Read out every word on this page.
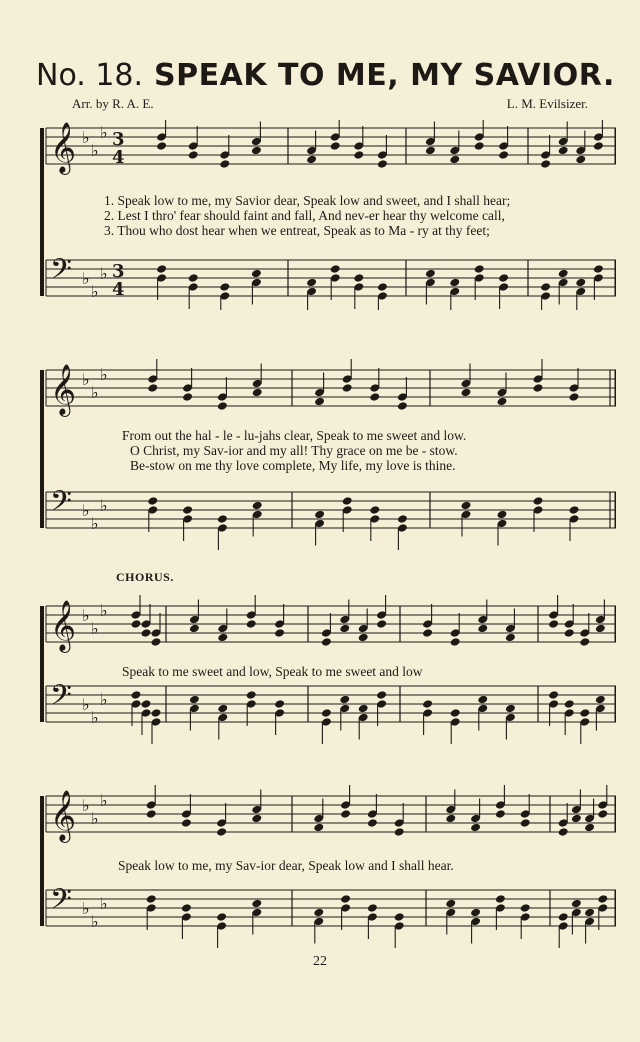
No. 18. SPEAK TO ME, MY SAVIOR.
Arr. by R. A. E.	L. M. Evilsizer.
𝄞 ♭
♭
♭ 3
4
𝄢 ♭
♭
♭ 3
4
1. Speak low to me, my Savior dear, Speak low and sweet, and I shall hear;
2. Lest I thro' fear should faint and fall, And nev-er hear thy welcome call,
3. Thou who dost hear when we entreat, Speak as to Ma - ry at thy feet;
𝄞 ♭
♭
♭
𝄢 ♭
♭
♭
From out the hal - le - lu-jahs clear, Speak to me sweet and low.
O Christ, my Sav-ior and my all! Thy grace on me be - stow.
Be-stow on me thy love complete, My life, my love is thine.
CHORUS.
𝄞 ♭
♭
♭
𝄢 ♭
♭
♭
Speak to me sweet and low, Speak to me sweet and low
𝄞 ♭
♭
♭
𝄢 ♭
♭
♭
Speak low to me, my Sav-ior dear, Speak low and I shall hear.
22
